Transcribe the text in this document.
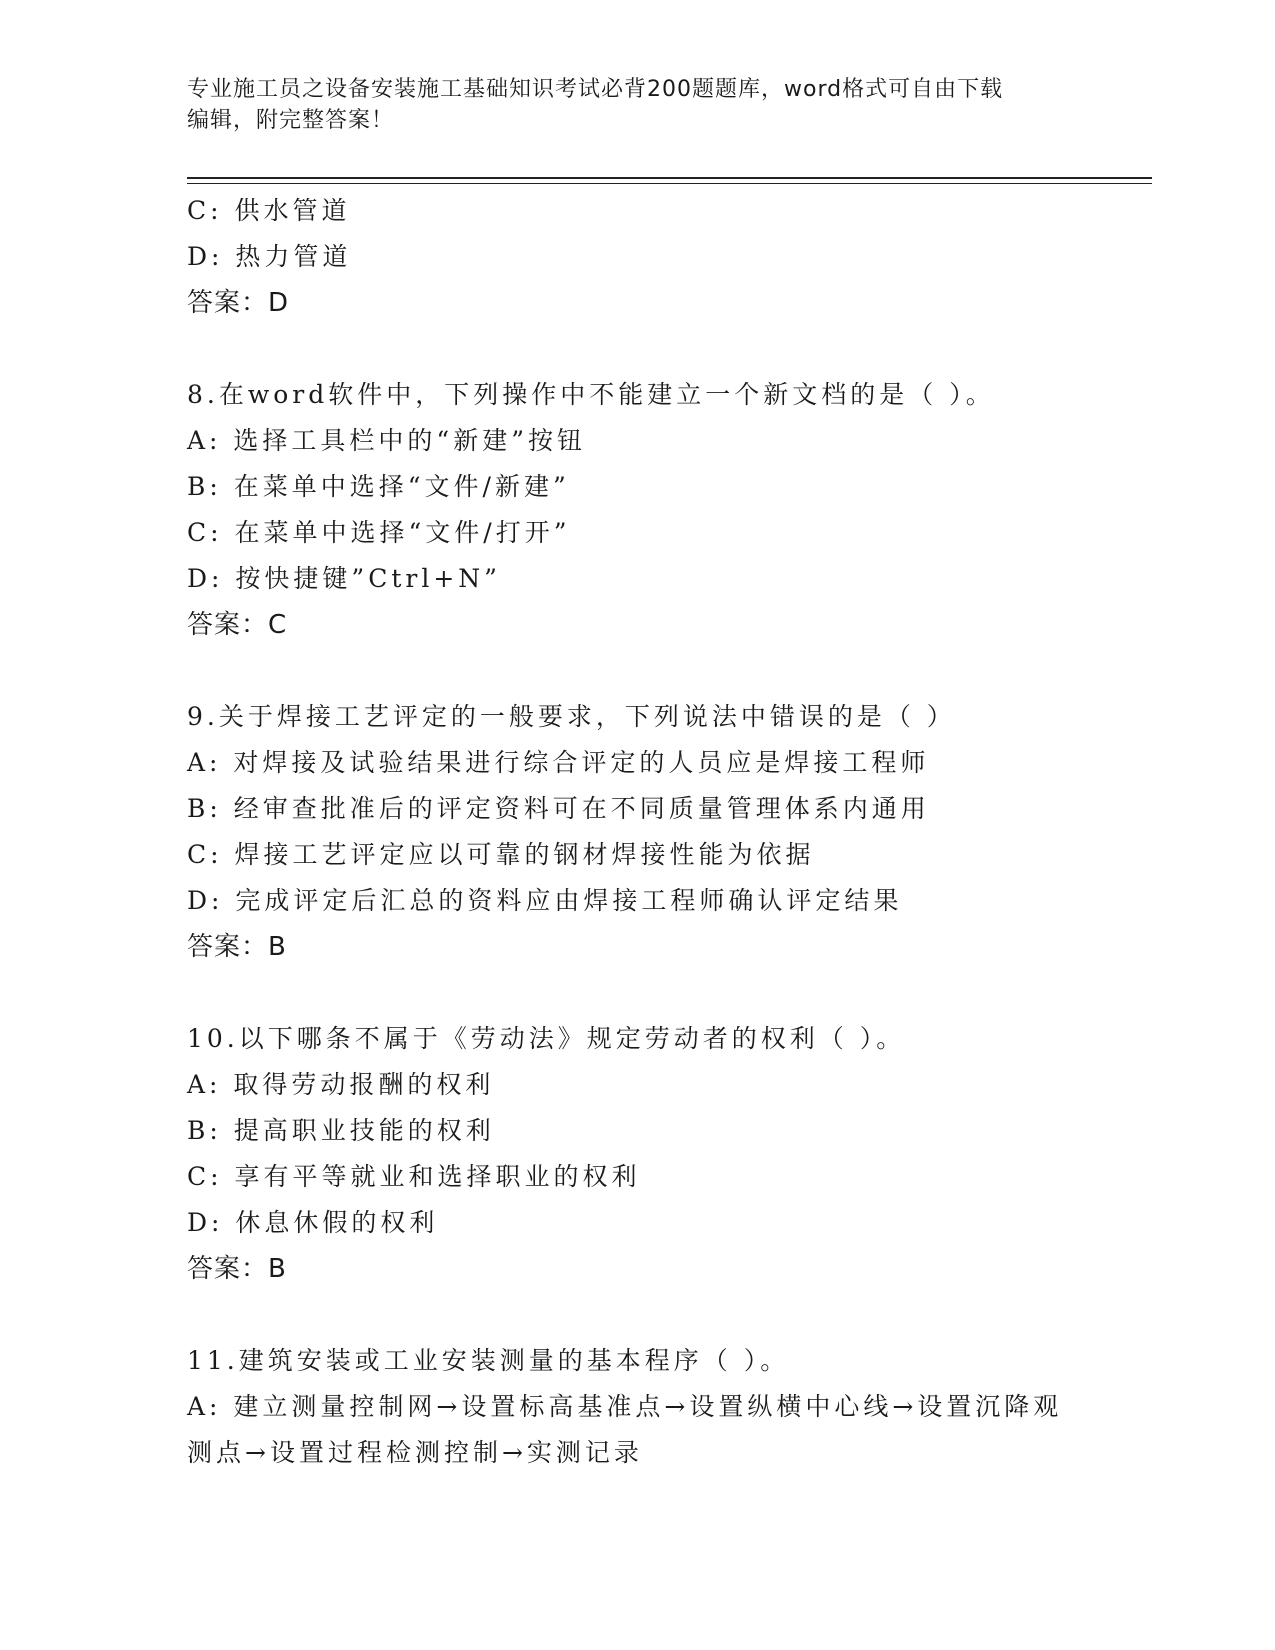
专业施工员之设备安装施工基础知识考试必背200题题库，word格式可自由下载
编辑，附完整答案！
C: 供水管道
D: 热力管道
答案：D
8.在word软件中，下列操作中不能建立一个新文档的是（ ）。
A: 选择工具栏中的“新建”按钮
B: 在菜单中选择“文件/新建”
C: 在菜单中选择“文件/打开”
D: 按快捷键”Ctrl+N”
答案：C
9.关于焊接工艺评定的一般要求，下列说法中错误的是（ ）
A: 对焊接及试验结果进行综合评定的人员应是焊接工程师
B: 经审查批准后的评定资料可在不同质量管理体系内通用
C: 焊接工艺评定应以可靠的钢材焊接性能为依据
D: 完成评定后汇总的资料应由焊接工程师确认评定结果
答案：B
10.以下哪条不属于《劳动法》规定劳动者的权利（ ）。
A: 取得劳动报酬的权利
B: 提高职业技能的权利
C: 享有平等就业和选择职业的权利
D: 休息休假的权利
答案：B
11.建筑安装或工业安装测量的基本程序（ ）。
A: 建立测量控制网→设置标高基准点→设置纵横中心线→设置沉降观
测点→设置过程检测控制→实测记录
